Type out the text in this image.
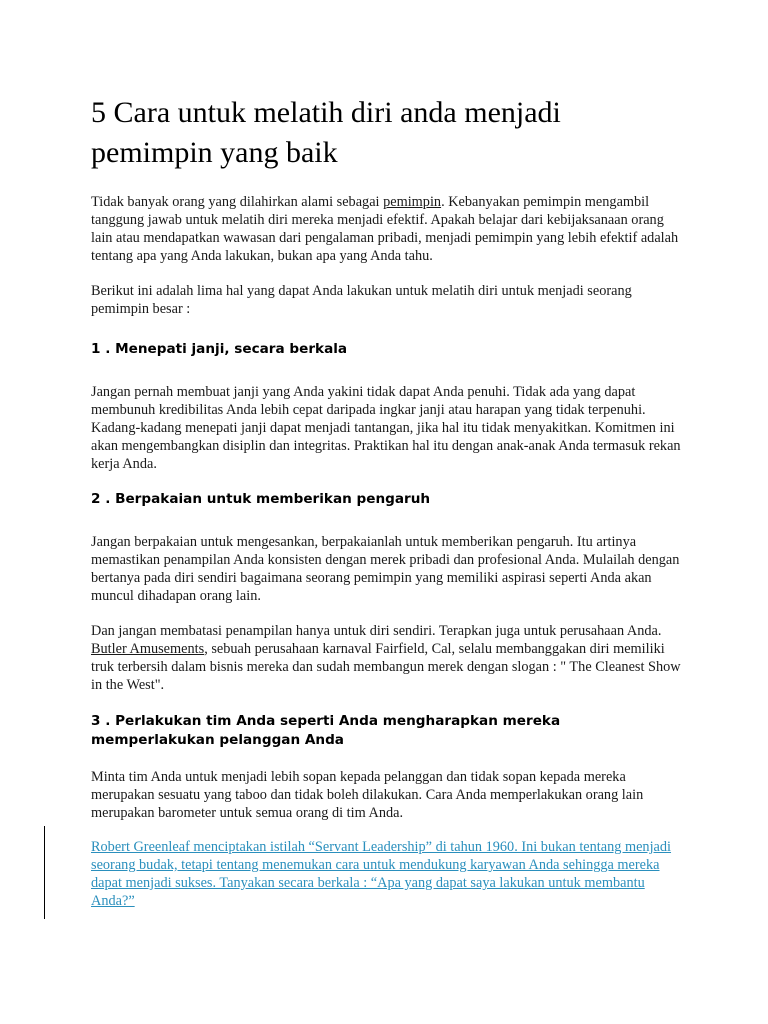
5 Cara untuk melatih diri anda menjadi pemimpin yang baik

Tidak banyak orang yang dilahirkan alami sebagai pemimpin. Kebanyakan pemimpin mengambil tanggung jawab untuk melatih diri mereka menjadi efektif. Apakah belajar dari kebijaksanaan orang lain atau mendapatkan wawasan dari pengalaman pribadi, menjadi pemimpin yang lebih efektif adalah tentang apa yang Anda lakukan, bukan apa yang Anda tahu.

Berikut ini adalah lima hal yang dapat Anda lakukan untuk melatih diri untuk menjadi seorang pemimpin besar :

1 . Menepati janji, secara berkala

Jangan pernah membuat janji yang Anda yakini tidak dapat Anda penuhi. Tidak ada yang dapat membunuh kredibilitas Anda lebih cepat daripada ingkar janji atau harapan yang tidak terpenuhi. Kadang-kadang menepati janji dapat menjadi tantangan, jika hal itu tidak menyakitkan. Komitmen ini akan mengembangkan disiplin dan integritas. Praktikan hal itu dengan anak-anak Anda termasuk rekan kerja Anda.

2 . Berpakaian untuk memberikan pengaruh

Jangan berpakaian untuk mengesankan, berpakaianlah untuk memberikan pengaruh. Itu artinya memastikan penampilan Anda konsisten dengan merek pribadi dan profesional Anda. Mulailah dengan bertanya pada diri sendiri bagaimana seorang pemimpin yang memiliki aspirasi seperti Anda akan muncul dihadapan orang lain.

Dan jangan membatasi penampilan hanya untuk diri sendiri. Terapkan juga untuk perusahaan Anda. Butler Amusements, sebuah perusahaan karnaval Fairfield, Cal, selalu membanggakan diri memiliki truk terbersih dalam bisnis mereka dan sudah membangun merek dengan slogan : " The Cleanest Show in the West".

3 . Perlakukan tim Anda seperti Anda mengharapkan mereka memperlakukan pelanggan Anda

Minta tim Anda untuk menjadi lebih sopan kepada pelanggan dan tidak sopan kepada mereka merupakan sesuatu yang taboo dan tidak boleh dilakukan. Cara Anda memperlakukan orang lain merupakan barometer untuk semua orang di tim Anda.

Robert Greenleaf menciptakan istilah “Servant Leadership” di tahun 1960. Ini bukan tentang menjadi seorang budak, tetapi tentang menemukan cara untuk mendukung karyawan Anda sehingga mereka dapat menjadi sukses. Tanyakan secara berkala : “Apa yang dapat saya lakukan untuk membantu Anda?”
